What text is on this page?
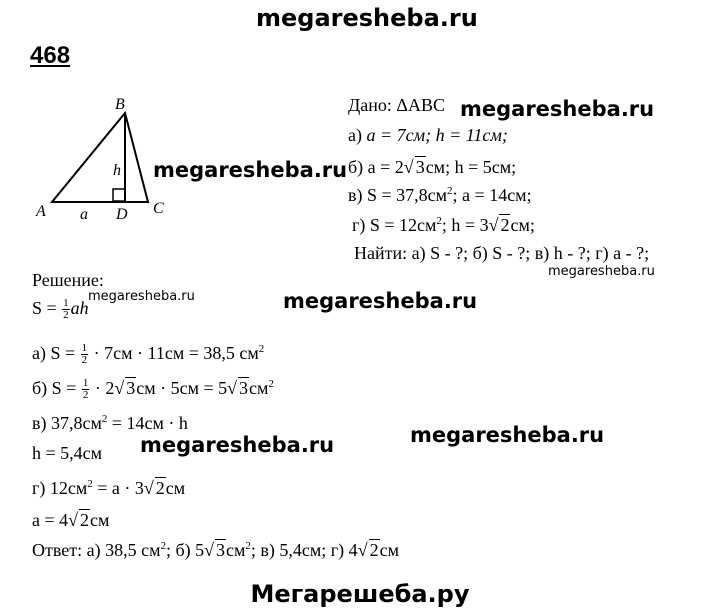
megaresheba.ru
468
B
A	C
D
a
h megaresheba.ru
Дано: ΔABC megaresheba.ru
а) a = 7см; h = 11см;
б) a = 2√ 3см; h = 5см;
в) $S = 37,8см^2$; a = 14см;
г) $S = 12см^2$; h = 3√ 2см;
Найти: а) S - ?; б) S - ?; в) h - ?; г) a - ?;
megaresheba.ru
Решение:
megaresheba.ru
$S = \frac{1}{2}$ ah	megaresheba.ru
а) $S = \frac{1}{2} \cdot 7см \cdot 11см = 38,5$ $см^2$
б) $S = \frac{1}{2} \cdot 2√$ 3см · 5см = 5√ $3см^2$
в) $37,8см^2 = 14см \cdot h$
megaresheba.ru	megaresheba.ru
h = 5,4см
г) $12см^2 = a \cdot 3√$ 2см
a = 4√ 2см
Ответ: а) 38,5 $см^2$; б) 5√ $3см^2$; в) 5,4см; г) 4√ 2см
Мегарешеба.ру
